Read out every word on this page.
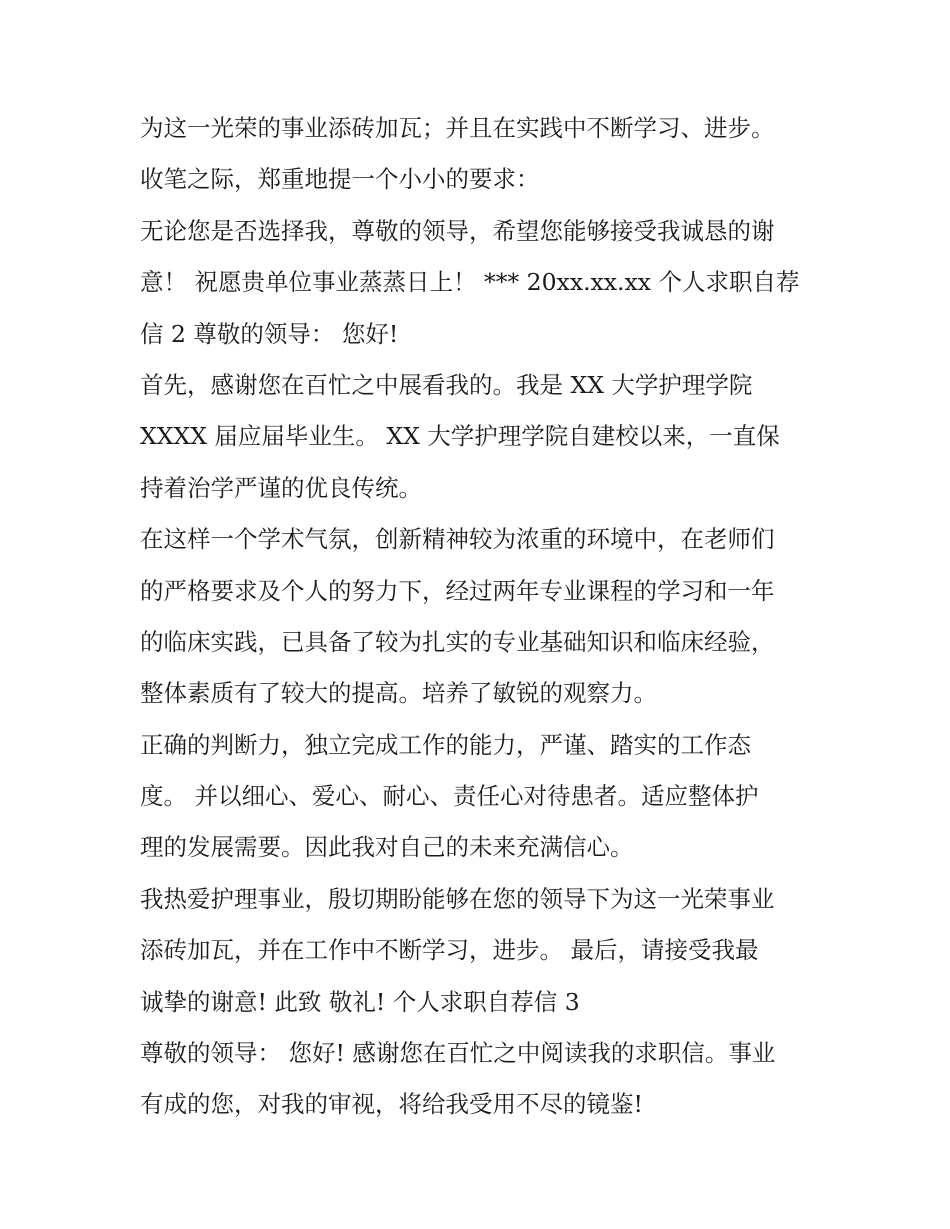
为这一光荣的事业添砖加瓦；并且在实践中不断学习、进步。
收笔之际，郑重地提一个小小的要求：
无论您是否选择我，尊敬的领导，希望您能够接受我诚恳的谢
意！ 祝愿贵单位事业蒸蒸日上！ *** 20xx.xx.xx 个人求职自荐
信 2 尊敬的领导： 您好!
首先，感谢您在百忙之中展看我的。我是 XX 大学护理学院
XXXX 届应届毕业生。 XX 大学护理学院自建校以来，一直保
持着治学严谨的优良传统。
在这样一个学术气氛，创新精神较为浓重的环境中，在老师们
的严格要求及个人的努力下，经过两年专业课程的学习和一年
的临床实践，已具备了较为扎实的专业基础知识和临床经验，
整体素质有了较大的提高。培养了敏锐的观察力。
正确的判断力，独立完成工作的能力，严谨、踏实的工作态
度。 并以细心、爱心、耐心、责任心对待患者。适应整体护
理的发展需要。因此我对自己的未来充满信心。
我热爱护理事业，殷切期盼能够在您的领导下为这一光荣事业
添砖加瓦，并在工作中不断学习，进步。 最后，请接受我最
诚挚的谢意! 此致 敬礼! 个人求职自荐信 3
尊敬的领导： 您好! 感谢您在百忙之中阅读我的求职信。事业
有成的您，对我的审视，将给我受用不尽的镜鉴!
